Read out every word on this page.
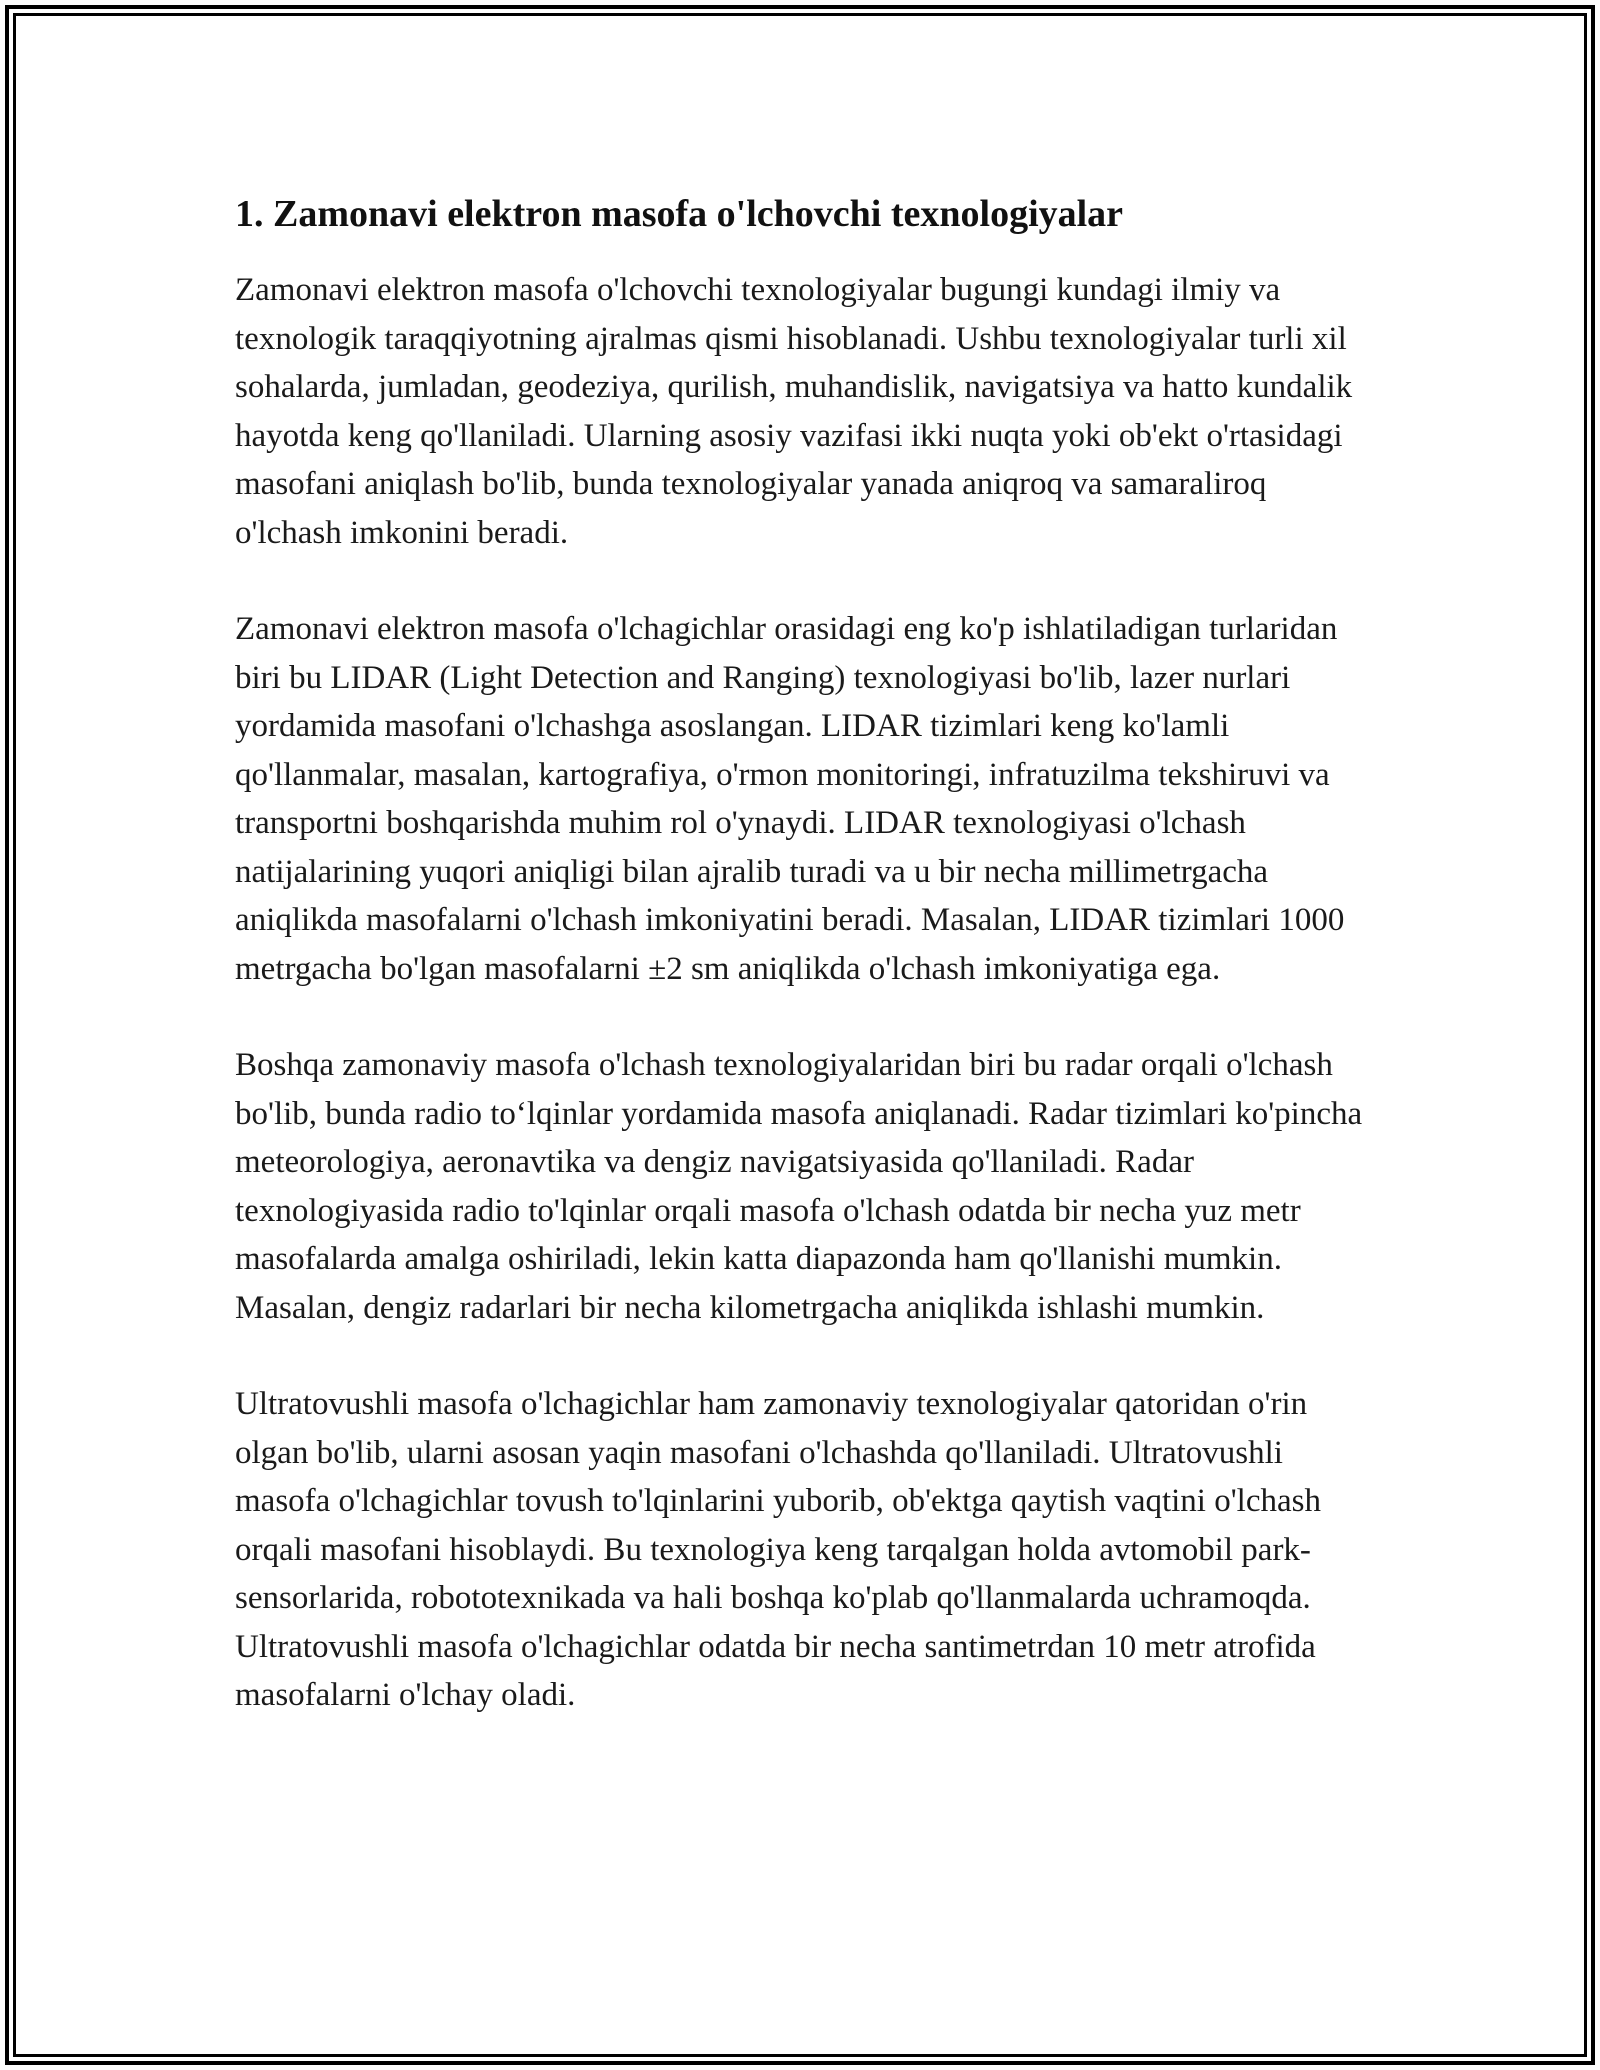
1. Zamonavi elektron masofa o'lchovchi texnologiyalar

Zamonavi elektron masofa o'lchovchi texnologiyalar bugungi kundagi ilmiy va texnologik taraqqiyotning ajralmas qismi hisoblanadi. Ushbu texnologiyalar turli xil sohalarda, jumladan, geodeziya, qurilish, muhandislik, navigatsiya va hatto kundalik hayotda keng qo'llaniladi. Ularning asosiy vazifasi ikki nuqta yoki ob'ekt o'rtasidagi masofani aniqlash bo'lib, bunda texnologiyalar yanada aniqroq va samaraliroq o'lchash imkonini beradi.

Zamonavi elektron masofa o'lchagichlar orasidagi eng ko'p ishlatiladigan turlaridan biri bu LIDAR (Light Detection and Ranging) texnologiyasi bo'lib, lazer nurlari yordamida masofani o'lchashga asoslangan. LIDAR tizimlari keng ko'lamli qo'llanmalar, masalan, kartografiya, o'rmon monitoringi, infratuzilma tekshiruvi va transportni boshqarishda muhim rol o'ynaydi. LIDAR texnologiyasi o'lchash natijalarining yuqori aniqligi bilan ajralib turadi va u bir necha millimetrgacha aniqlikda masofalarni o'lchash imkoniyatini beradi. Masalan, LIDAR tizimlari 1000 metrgacha bo'lgan masofalarni ±2 sm aniqlikda o'lchash imkoniyatiga ega.

Boshqa zamonaviy masofa o'lchash texnologiyalaridan biri bu radar orqali o'lchash bo'lib, bunda radio to‘lqinlar yordamida masofa aniqlanadi. Radar tizimlari ko'pincha meteorologiya, aeronavtika va dengiz navigatsiyasida qo'llaniladi. Radar texnologiyasida radio to'lqinlar orqali masofa o'lchash odatda bir necha yuz metr masofalarda amalga oshiriladi, lekin katta diapazonda ham qo'llanishi mumkin. Masalan, dengiz radarlari bir necha kilometrgacha aniqlikda ishlashi mumkin.

Ultratovushli masofa o'lchagichlar ham zamonaviy texnologiyalar qatoridan o'rin olgan bo'lib, ularni asosan yaqin masofani o'lchashda qo'llaniladi. Ultratovushli masofa o'lchagichlar tovush to'lqinlarini yuborib, ob'ektga qaytish vaqtini o'lchash orqali masofani hisoblaydi. Bu texnologiya keng tarqalgan holda avtomobil park-sensorlarida, robototexnikada va hali boshqa ko'plab qo'llanmalarda uchramoqda. Ultratovushli masofa o'lchagichlar odatda bir necha santimetrdan 10 metr atrofida masofalarni o'lchay oladi.
